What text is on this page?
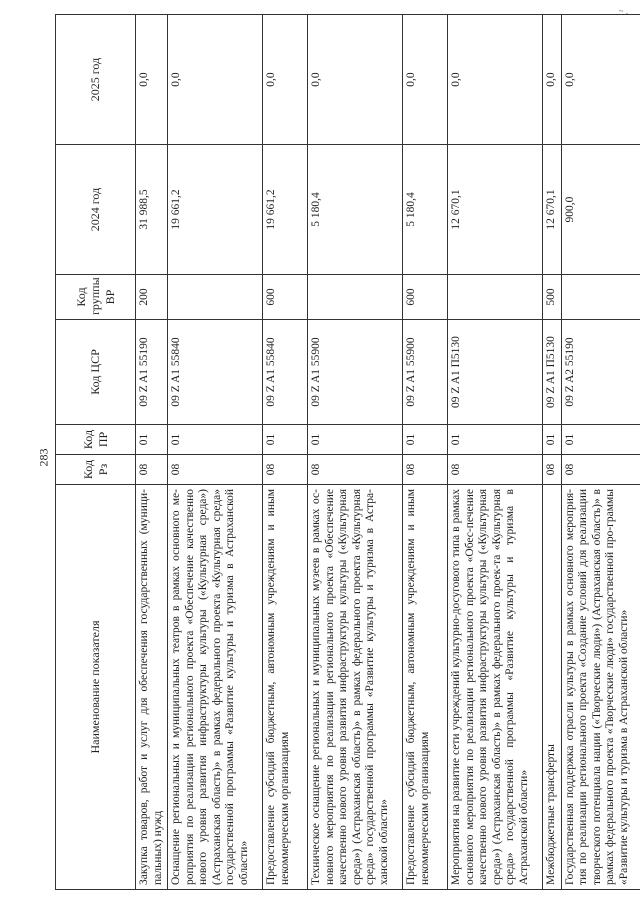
283
~ .
Наименование показателя	Код Рз	Код ПР	Код ЦСР	Код группы ВР	2024 год	2025 год
Закупка товаров, работ и услуг для обеспечения государственных (муници-пальных) нужд	08	01	09 Z A1 55190	200	31 988,5	0,0
Оснащение региональных и муниципальных театров в рамках основного ме-роприятия по реализации регионального проекта «Обеспечение качественно нового уровня развития инфраструктуры культуры («Культурная среда») (Астраханская область)» в рамках федерального проекта «Культурная среда» государственной программы «Развитие культуры и туризма в Астраханской области»	08	01	09 Z A1 55840		19 661,2	0,0
Предоставление субсидий бюджетным, автономным учреждениям и иным некоммерческим организациям	08	01	09 Z A1 55840	600	19 661,2	0,0
Техническое оснащение региональных и муниципальных музеев в рамках ос-новного мероприятия по реализации регионального проекта «Обеспечение качественно нового уровня развития инфраструктуры культуры («Культурная среда») (Астраханская область)» в рамках федерального проекта «Культурная среда» государственной программы «Развитие культуры и туризма в Астра-ханской области»	08	01	09 Z A1 55900		5 180,4	0,0
Предоставление субсидий бюджетным, автономным учреждениям и иным некоммерческим организациям	08	01	09 Z A1 55900	600	5 180,4	0,0
Мероприятия на развитие сети учреждений культурно-досугового типа в рамках основного мероприятия по реализации регионального проекта «Обес-печение качественно нового уровня развития инфраструктуры культуры («Культурная среда») (Астраханская область)» в рамках федерального проек-та «Культурная среда» государственной программы «Развитие культуры и туризма в Астраханской области»	08	01	09 Z A1 П5130		12 670,1	0,0
Межбюджетные трансферты	08	01	09 Z A1 П5130	500	12 670,1	0,0
Государственная поддержка отрасли культуры в рамках основного мероприя-тия по реализации регионального проекта «Создание условий для реализации творческого потенциала нации («Творческие люди») (Астраханская область)» в рамках федерального проекта «Творческие люди» государственной про-граммы «Развитие культуры и туризма в Астраханской области»	08	01	09 Z A2 55190		900,0	0,0
